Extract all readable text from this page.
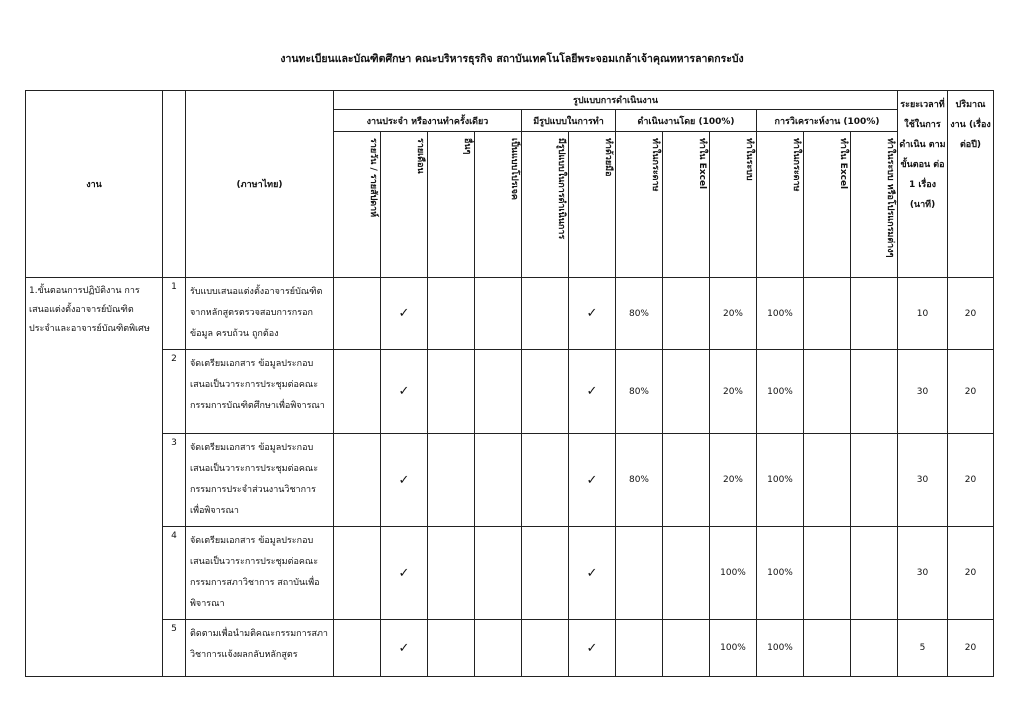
งานทะเบียนและบัณฑิตศึกษา คณะบริหารธุรกิจ สถาบันเทคโนโลยีพระจอมเกล้าเจ้าคุณทหารลาดกระบัง
งาน		(ภาษาไทย)	รูปแบบการดำเนินงาน												ระยะเวลาที่ใช้ในการดำเนิน ตามขั้นตอน ต่อ 1 เรื่อง (นาที)	ปริมาณงาน (เรื่องต่อปี)
			งานประจำ หรืองานทำครั้งเดียว				มีรูปแบบในการทำ		ดำเนินงานโดย (100%)			การวิเคราะห์งาน (100%)				
			รายวัน / รายสัปดาห์	รายเดือน	อื่นๆ	เป็นแบบโปรเจค	มีรูปแบบในการดำเนินการ	ทำด้วยมือ	ทำในกระดาษ	ทำใน Excel	ทำในระบบ	ทำในกระดาษ	ทำใน Excel	ทำในระบบ หรือโปรแกรมต่างๆ		
1.ขั้นตอนการปฏิบัติงาน การเสนอแต่งตั้งอาจารย์บัณฑิตประจำและอาจารย์บัณฑิตพิเศษ	1	รับแบบเสนอแต่งตั้งอาจารย์บัณฑิตจากหลักสูตรตรวจสอบการกรอกข้อมูล ครบถ้วน ถูกต้อง		✓				✓	80%		20%	100%			10	20
	2	จัดเตรียมเอกสาร ข้อมูลประกอบเสนอเป็นวาระการประชุมต่อคณะกรรมการบัณฑิตศึกษาเพื่อพิจารณา		✓				✓	80%		20%	100%			30	20
	3	จัดเตรียมเอกสาร ข้อมูลประกอบเสนอเป็นวาระการประชุมต่อคณะกรรมการประจำส่วนงานวิชาการเพื่อพิจารณา		✓				✓	80%		20%	100%			30	20
	4	จัดเตรียมเอกสาร ข้อมูลประกอบเสนอเป็นวาระการประชุมต่อคณะกรรมการสภาวิชาการ สถาบันเพื่อพิจารณา		✓				✓			100%	100%			30	20
	5	ติดตามเพื่อนำมติคณะกรรมการสภาวิชาการแจ้งผลกลับหลักสูตร		✓				✓			100%	100%			5	20
